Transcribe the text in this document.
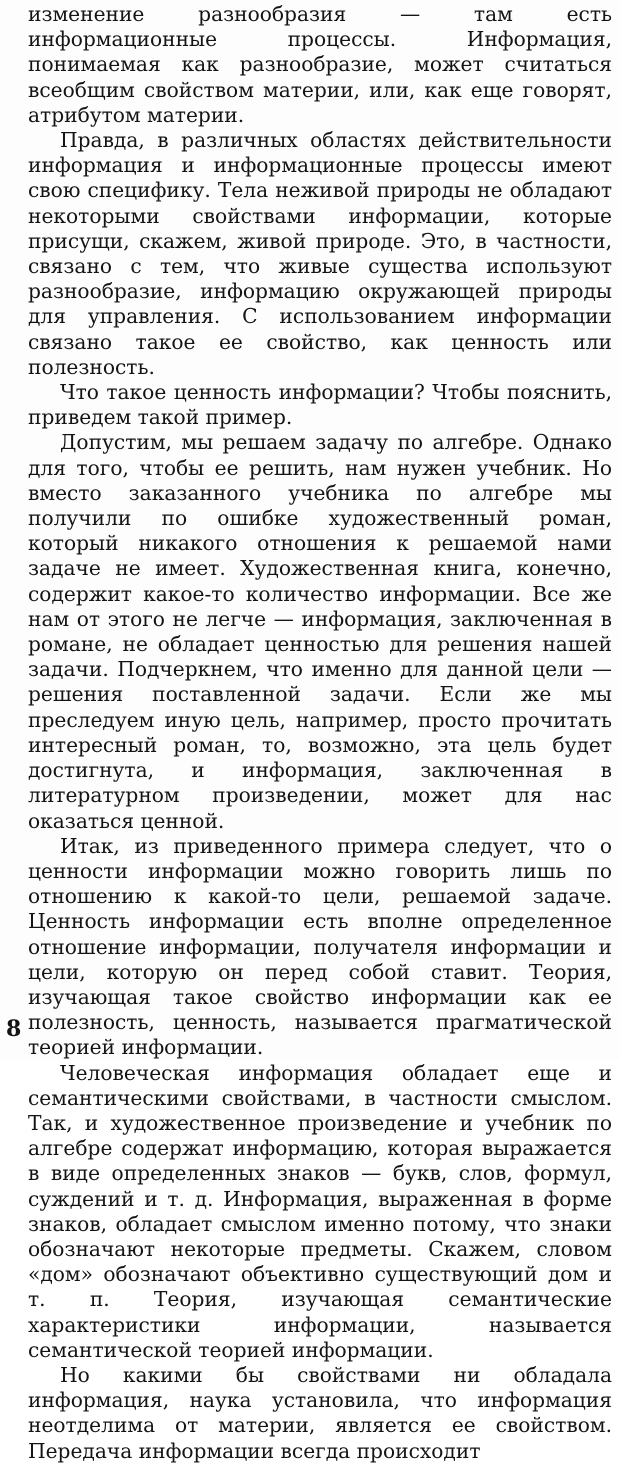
изменение разнообразия — там есть информационные процессы. Информация, понимаемая как разнообразие, может считаться всеобщим свойством материи, или, как еще говорят, атрибутом материи.

Правда, в различных областях действительности информация и информационные процессы имеют свою специфику. Тела неживой природы не обладают некоторыми свойствами информации, которые присущи, скажем, живой природе. Это, в частности, связано с тем, что живые существа используют разнообразие, информацию окружающей природы для управления. С использованием информации связано такое ее свойство, как ценность или полезность.

Что такое ценность информации? Чтобы пояснить, приведем такой пример.

Допустим, мы решаем задачу по алгебре. Однако для того, чтобы ее решить, нам нужен учебник. Но вместо заказанного учебника по алгебре мы получили по ошибке художественный роман, который никакого отношения к решаемой нами задаче не имеет. Художественная книга, конечно, содержит какое-то количество информации. Все же нам от этого не легче — информация, заключенная в романе, не обладает ценностью для решения нашей задачи. Подчеркнем, что именно для данной цели — решения поставленной задачи. Если же мы преследуем иную цель, например, просто прочитать интересный роман, то, возможно, эта цель будет достигнута, и информация, заключенная в литературном произведении, может для нас оказаться ценной.

Итак, из приведенного примера следует, что о ценности информации можно говорить лишь по отношению к какой-то цели, решаемой задаче. Ценность информации есть вполне определенное отношение информации, получателя информации и цели, которую он перед собой ставит. Теория, изучающая такое свойство информации как ее полезность, ценность, называется прагматической теорией информации.

Человеческая информация обладает еще и семантическими свойствами, в частности смыслом. Так, и художественное произведение и учебник по алгебре содержат информацию, которая выражается в виде определенных знаков — букв, слов, формул, суждений и т. д. Информация, выраженная в форме знаков, обладает смыслом именно потому, что знаки обозначают некоторые предметы. Скажем, словом «дом» обозначают объективно существующий дом и т. п. Теория, изучающая семантические характеристики информации, называется семантической теорией информации.

Но какими бы свойствами ни обладала информация, наука установила, что информация неотделима от материи, является ее свойством. Передача информации всегда происходит

8
